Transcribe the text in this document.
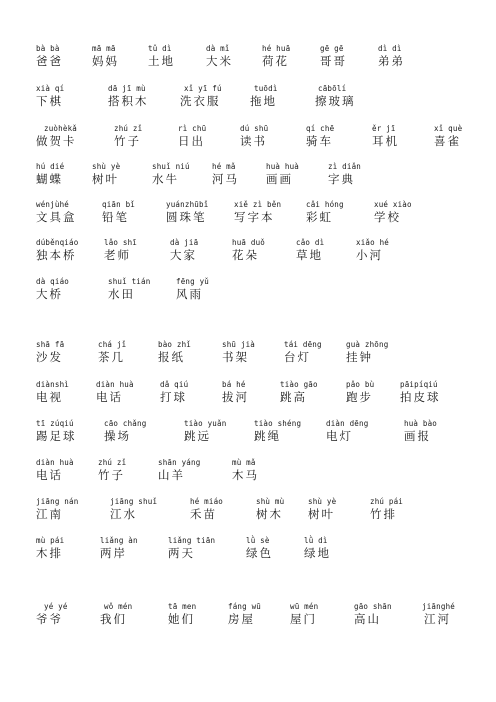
bà bà
爸爸
mā mā
妈妈
tǔ dì
土地
dà mǐ
大米
hé huā
荷花
gē gē
哥哥
dì dì
弟弟
xià qí
下棋
dā jī mù
搭积木
xǐ yī fú
洗衣服
tuōdì
拖地
cābōlí
擦玻璃
zuòhèkǎ
做贺卡
zhú zǐ
竹子
rì chū
日出
dú shū
读书
qí chē
骑车
ěr jī
耳机
xǐ què
喜雀
hú dié
蝴蝶
shù yè
树叶
shuǐ niú
水牛
hé mǎ
河马
huà huà
画画
zì diǎn
字典
wénjùhé
文具盒
qiān bǐ
铅笔
yuánzhūbǐ
圆珠笔
xiě zì běn
写字本
cǎi hóng
彩虹
xué xiào
学校
dúběnqiáo
独本桥
lǎo shī
老师
dà jiā
大家
huā duǒ
花朵
cǎo dì
草地
xiǎo hé
小河
dà qiáo
大桥
shuǐ tián
水田
fēng yǔ
风雨
shā fā
沙发
chá jǐ
茶几
bào zhǐ
报纸
shū jià
书架
tái dēng
台灯
guà zhōng
挂钟
diànshì
电视
diàn huà
电话
dǎ qiú
打球
bá hé
拔河
tiào gāo
跳高
pǎo bù
跑步
pāipíqiú
拍皮球
tī zúqiú
踢足球
cāo chǎng
操场
tiào yuǎn
跳远
tiào shéng
跳绳
diàn dēng
电灯
huà bào
画报
diàn huà
电话
zhú zǐ
竹子
shān yáng
山羊
mù mǎ
木马
jiāng nán
江南
jiāng shuǐ
江水
hé miáo
禾苗
shù mù
树木
shù yè
树叶
zhú pái
竹排
mù pái
木排
liǎng àn
两岸
liǎng tiān
两天
lǜ sè
绿色
lǜ dì
绿地
yé yé
爷爷
wǒ mén
我们
tā men
她们
fáng wū
房屋
wū mén
屋门
gāo shān
高山
jiānghé
江河
